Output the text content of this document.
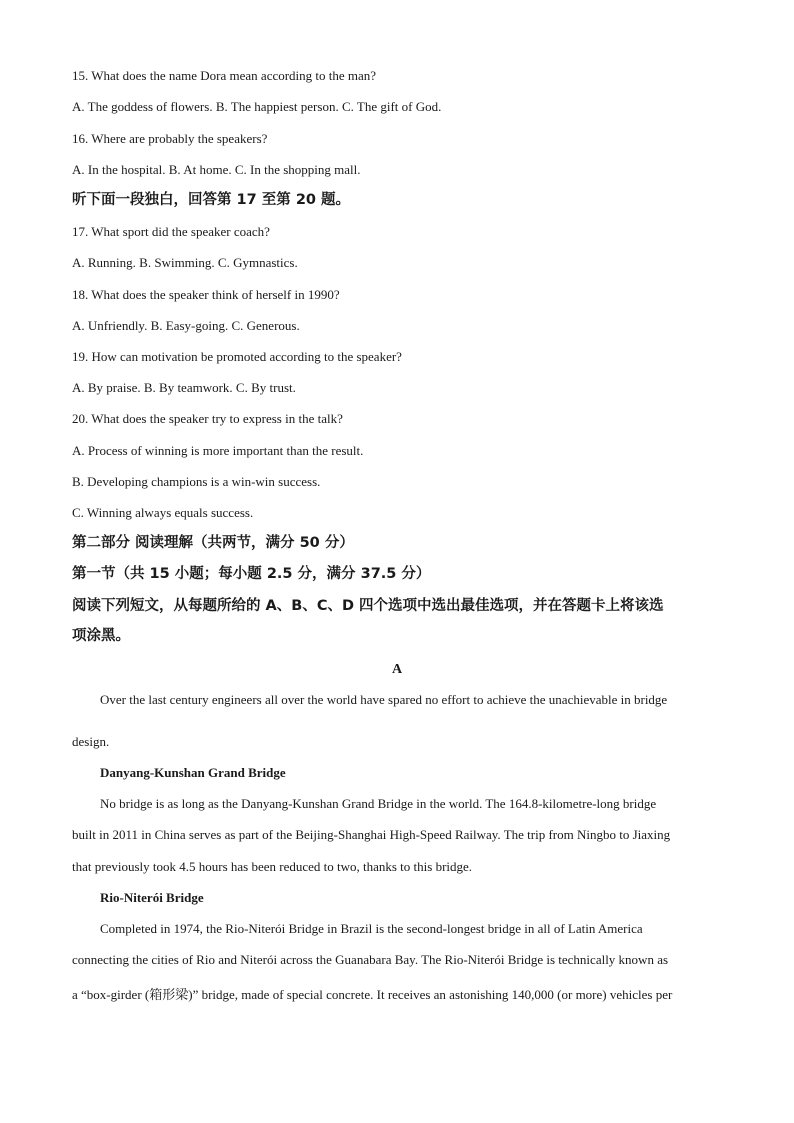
15. What does the name Dora mean according to the man?
A. The goddess of flowers. B. The happiest person. C. The gift of God.
16. Where are probably the speakers?
A. In the hospital. B. At home. C. In the shopping mall.
听下面一段独白，回答第 17 至第 20 题。
17. What sport did the speaker coach?
A. Running. B. Swimming. C. Gymnastics.
18. What does the speaker think of herself in 1990?
A. Unfriendly. B. Easy-going. C. Generous.
19. How can motivation be promoted according to the speaker?
A. By praise. B. By teamwork. C. By trust.
20. What does the speaker try to express in the talk?
A. Process of winning is more important than the result.
B. Developing champions is a win-win success.
C. Winning always equals success.
第二部分 阅读理解（共两节，满分 50 分）
第一节（共 15 小题；每小题 2.5 分，满分 37.5 分）
阅读下列短文，从每题所给的 A、B、C、D 四个选项中选出最佳选项，并在答题卡上将该选
项涂黑。
A
Over the last century engineers all over the world have spared no effort to achieve the unachievable in bridge
design.
Danyang-Kunshan Grand Bridge
No bridge is as long as the Danyang-Kunshan Grand Bridge in the world. The 164.8-kilometre-long bridge
built in 2011 in China serves as part of the Beijing-Shanghai High-Speed Railway. The trip from Ningbo to Jiaxing
that previously took 4.5 hours has been reduced to two, thanks to this bridge.
Rio-Niterói Bridge
Completed in 1974, the Rio-Niterói Bridge in Brazil is the second-longest bridge in all of Latin America
connecting the cities of Rio and Niterói across the Guanabara Bay. The Rio-Niterói Bridge is technically known as
a “box-girder (箱形梁)” bridge, made of special concrete. It receives an astonishing 140,000 (or more) vehicles per
